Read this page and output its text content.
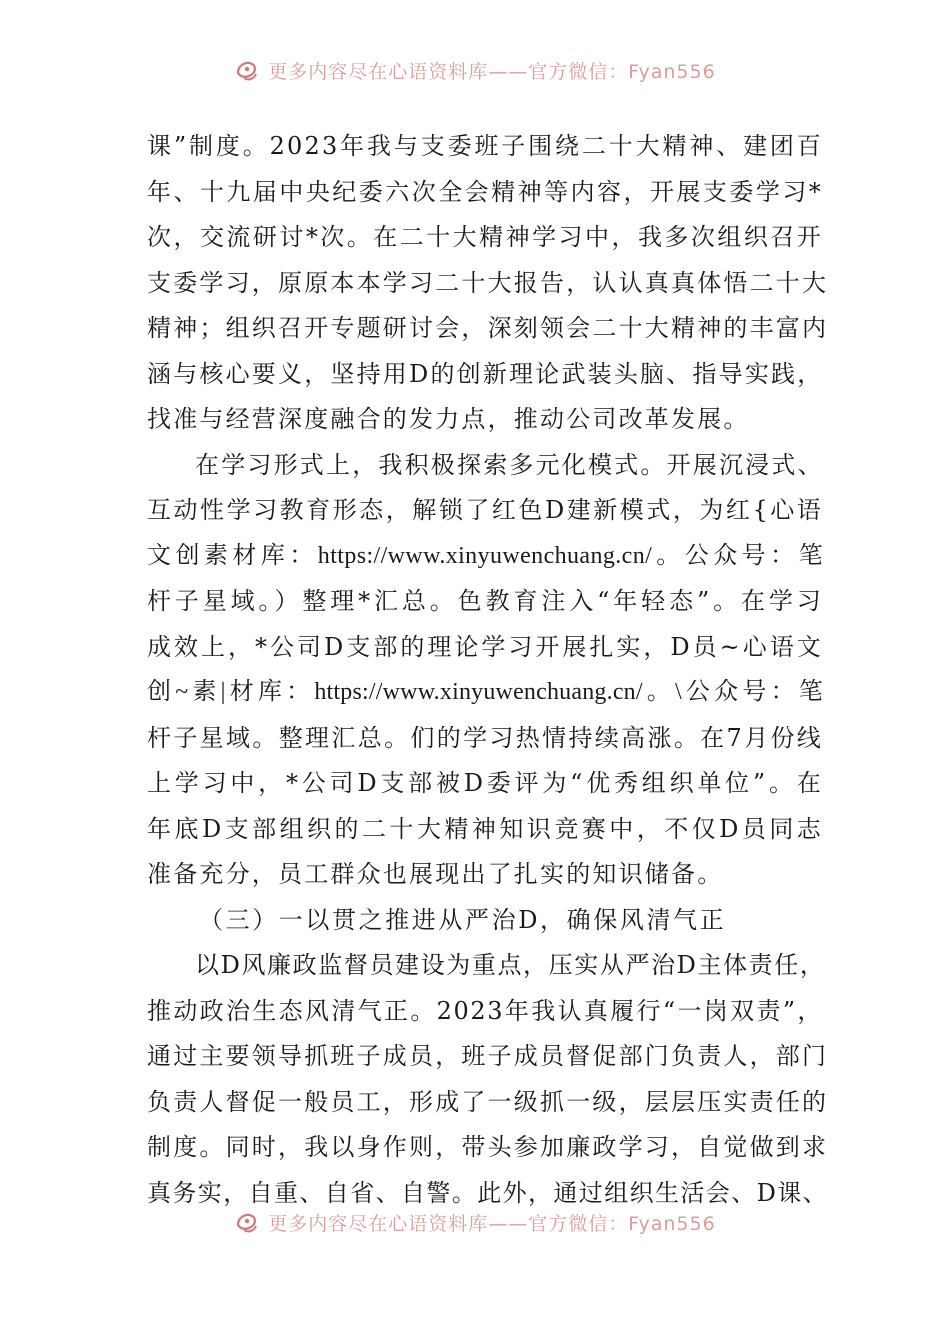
更多内容尽在心语资料库——官方微信：Fyan556
课”制度。2023年我与支委班子围绕二十大精神、建团百
年、十九届中央纪委六次全会精神等内容，开展支委学习*
次，交流研讨*次。在二十大精神学习中，我多次组织召开
支委学习，原原本本学习二十大报告，认认真真体悟二十大
精神；组织召开专题研讨会，深刻领会二十大精神的丰富内
涵与核心要义，坚持用D的创新理论武装头脑、指导实践，
找准与经营深度融合的发力点，推动公司改革发展。
在学习形式上，我积极探索多元化模式。开展沉浸式、
互动性学习教育形态，解锁了红色D建新模式，为红{心语
文创素材库：https://www.xinyuwenchuang.cn/。公众号：笔
杆子星域。）整理*汇总。色教育注入“年轻态”。在学习
成效上，*公司D支部的理论学习开展扎实，D员~心语文
创~素|材库：https://www.xinyuwenchuang.cn/。\公众号：笔
杆子星域。整理汇总。们的学习热情持续高涨。在7月份线
上学习中，*公司D支部被D委评为“优秀组织单位”。在
年底D支部组织的二十大精神知识竞赛中，不仅D员同志
准备充分，员工群众也展现出了扎实的知识储备。
（三）一以贯之推进从严治D，确保风清气正
以D风廉政监督员建设为重点，压实从严治D主体责任，
推动政治生态风清气正。2023年我认真履行“一岗双责”，
通过主要领导抓班子成员，班子成员督促部门负责人，部门
负责人督促一般员工，形成了一级抓一级，层层压实责任的
制度。同时，我以身作则，带头参加廉政学习，自觉做到求
真务实，自重、自省、自警。此外，通过组织生活会、D课、
更多内容尽在心语资料库——官方微信：Fyan556
